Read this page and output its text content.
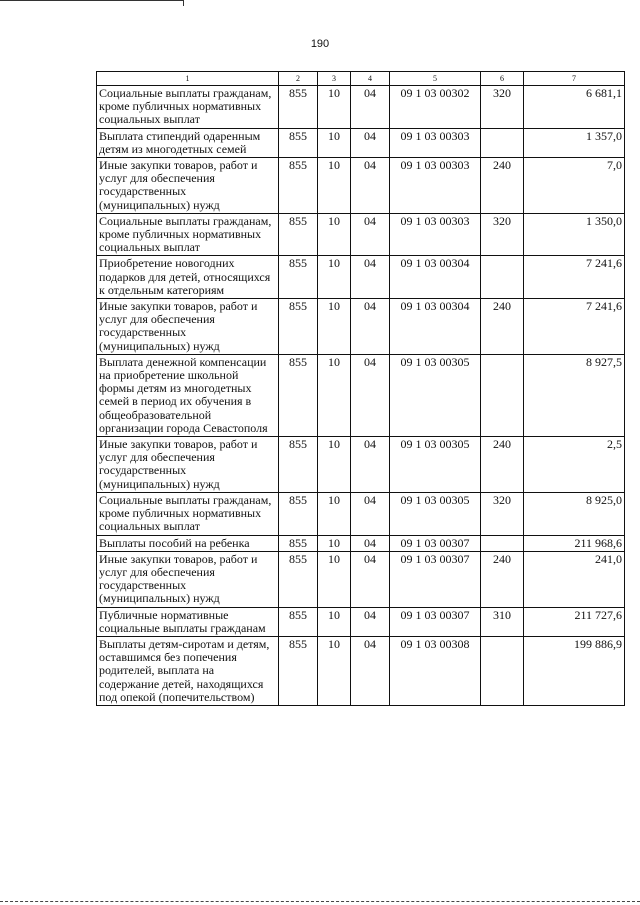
190
1	2	3	4	5	6	7
Социальные выплаты гражданам, кроме публичных нормативных социальных выплат	855	10	04	09 1 03 00302	320	6 681,1
Выплата стипендий одаренным детям из многодетных семей	855	10	04	09 1 03 00303		1 357,0
Иные закупки товаров, работ и услуг для обеспечения государственных (муниципальных) нужд	855	10	04	09 1 03 00303	240	7,0
Социальные выплаты гражданам, кроме публичных нормативных социальных выплат	855	10	04	09 1 03 00303	320	1 350,0
Приобретение новогодних подарков для детей, относящихся к отдельным категориям	855	10	04	09 1 03 00304		7 241,6
Иные закупки товаров, работ и услуг для обеспечения государственных (муниципальных) нужд	855	10	04	09 1 03 00304	240	7 241,6
Выплата денежной компенсации на приобретение школьной формы детям из многодетных семей в период их обучения в общеобразовательной организации города Севастополя	855	10	04	09 1 03 00305		8 927,5
Иные закупки товаров, работ и услуг для обеспечения государственных (муниципальных) нужд	855	10	04	09 1 03 00305	240	2,5
Социальные выплаты гражданам, кроме публичных нормативных социальных выплат	855	10	04	09 1 03 00305	320	8 925,0
Выплаты пособий на ребенка	855	10	04	09 1 03 00307		211 968,6
Иные закупки товаров, работ и услуг для обеспечения государственных (муниципальных) нужд	855	10	04	09 1 03 00307	240	241,0
Публичные нормативные социальные выплаты гражданам	855	10	04	09 1 03 00307	310	211 727,6
Выплаты детям-сиротам и детям, оставшимся без попечения родителей, выплата на содержание детей, находящихся под опекой (попечительством)	855	10	04	09 1 03 00308		199 886,9
